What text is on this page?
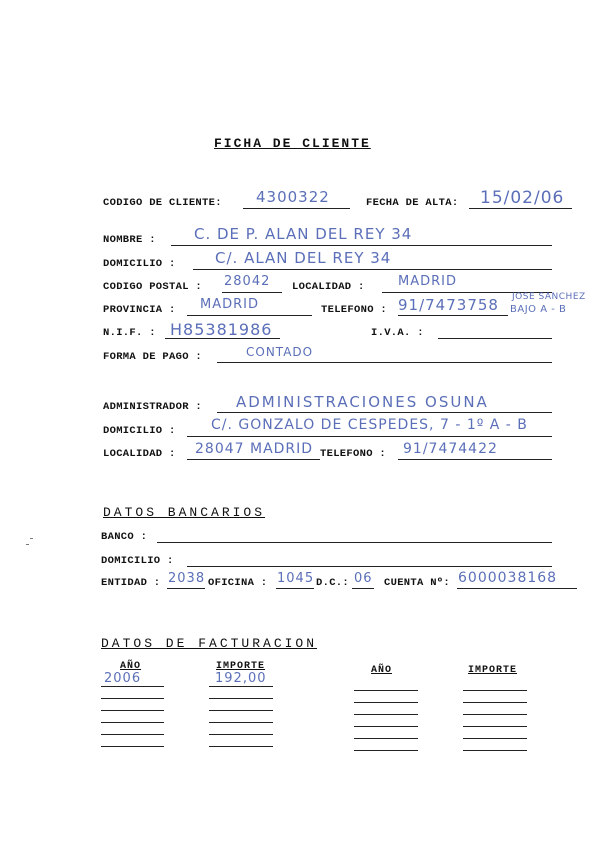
FICHA DE CLIENTE
CODIGO DE CLIENTE: 4300322	FECHA DE ALTA: 15/02/06
NOMBRE :	C. DE P. ALAN DEL REY 34
DOMICILIO :	C/. ALAN DEL REY 34
CODIGO POSTAL : 28042 LOCALIDAD :	MADRID
PROVINCIA : MADRID	TELEFONO : 91/7473758 JOSE SANCHEZ
BAJO A - B
N.I.F. : H85381986	I.V.A. :
FORMA DE PAGO :	CONTADO
ADMINISTRADOR : ADMINISTRACIONES OSUNA
DOMICILIO :	C/. GONZALO DE CESPEDES, 7 - 1º A - B
LOCALIDAD : 28047 MADRID TELEFONO : 91/7474422
DATOS BANCARIOS
BANCO :
DOMICILIO :
ENTIDAD : 2038 OFICINA : 1045 D.C.: 06 CUENTA Nº: 6000038168
DATOS DE FACTURACION
AÑO	IMPORTE	AÑO	IMPORTE
2006	192,00
